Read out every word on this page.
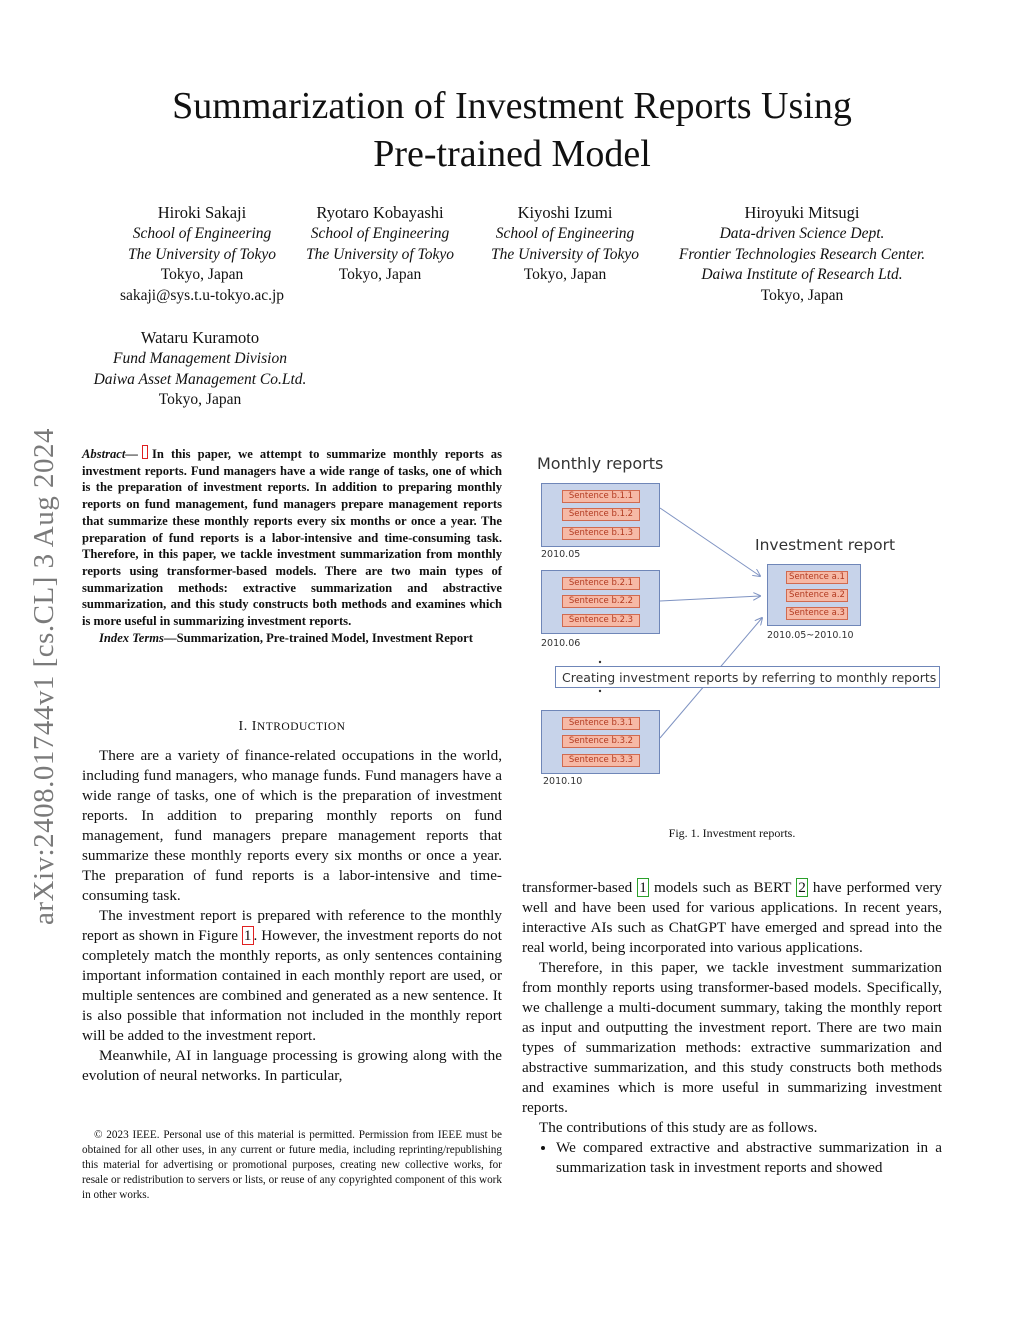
arXiv:2408.01744v1 [cs.CL] 3 Aug 2024
Summarization of Investment Reports Using
Pre-trained Model
Hiroki Sakaji
School of Engineering
The University of Tokyo
Tokyo, Japan
sakaji@sys.t.u-tokyo.ac.jp
Ryotaro Kobayashi
School of Engineering
The University of Tokyo
Tokyo, Japan
Kiyoshi Izumi
School of Engineering
The University of Tokyo
Tokyo, Japan
Hiroyuki Mitsugi
Data-driven Science Dept.
Frontier Technologies Research Center.
Daiwa Institute of Research Ltd.
Tokyo, Japan
Wataru Kuramoto
Fund Management Division
Daiwa Asset Management Co.Ltd.
Tokyo, Japan
Abstract— In this paper, we attempt to summarize monthly reports as investment reports. Fund managers have a wide range of tasks, one of which is the preparation of investment reports. In addition to preparing monthly reports on fund management, fund managers prepare management reports that summarize these monthly reports every six months or once a year. The preparation of fund reports is a labor-intensive and time-consuming task. Therefore, in this paper, we tackle investment summarization from monthly reports using transformer-based models. There are two main types of summarization methods: extractive summarization and abstractive summarization, and this study constructs both methods and examines which is more useful in summarizing investment reports.
Index Terms—Summarization, Pre-trained Model, Investment Report
I. INTRODUCTION

There are a variety of finance-related occupations in the world, including fund managers, who manage funds. Fund managers have a wide range of tasks, one of which is the preparation of investment reports. In addition to preparing monthly reports on fund management, fund managers prepare management reports that summarize these monthly reports every six months or once a year. The preparation of fund reports is a labor-intensive and time-consuming task.

The investment report is prepared with reference to the monthly report as shown in Figure 1 . However, the investment reports do not completely match the monthly reports, as only sentences containing important information contained in each monthly report are used, or multiple sentences are combined and generated as a new sentence. It is also possible that information not included in the monthly report will be added to the investment report.

Meanwhile, AI in language processing is growing along with the evolution of neural networks. In particular,

© 2023 IEEE. Personal use of this material is permitted. Permission from IEEE must be obtained for all other uses, in any current or future media, including reprinting/republishing this material for advertising or promotional purposes, creating new collective works, for resale or redistribution to servers or lists, or reuse of any copyrighted component of this work in other works.

Monthly reports
Investment report
Sentence b.1.1
Sentence b.1.2
Sentence b.1.3
2010.05
Sentence b.2.1
Sentence b.2.2
Sentence b.2.3
2010.06
Sentence a.1
Sentence a.2
Sentence a.3
2010.05~2010.10
Creating investment reports by referring to monthly reports
Sentence b.3.1
Sentence b.3.2
Sentence b.3.3
2010.10
Fig. 1. Investment reports.

transformer-based 1 models such as BERT 2 have performed very well and have been used for various applications. In recent years, interactive AIs such as ChatGPT have emerged and spread into the real world, being incorporated into various applications.

Therefore, in this paper, we tackle investment summarization from monthly reports using transformer-based models. Specifically, we challenge a multi-document summary, taking the monthly report as input and outputting the investment report. There are two main types of summarization methods: extractive summarization and abstractive summarization, and this study constructs both methods and examines which is more useful in summarizing investment reports.

The contributions of this study are as follows.

• We compared extractive and abstractive summarization in a summarization task in investment reports and showed
